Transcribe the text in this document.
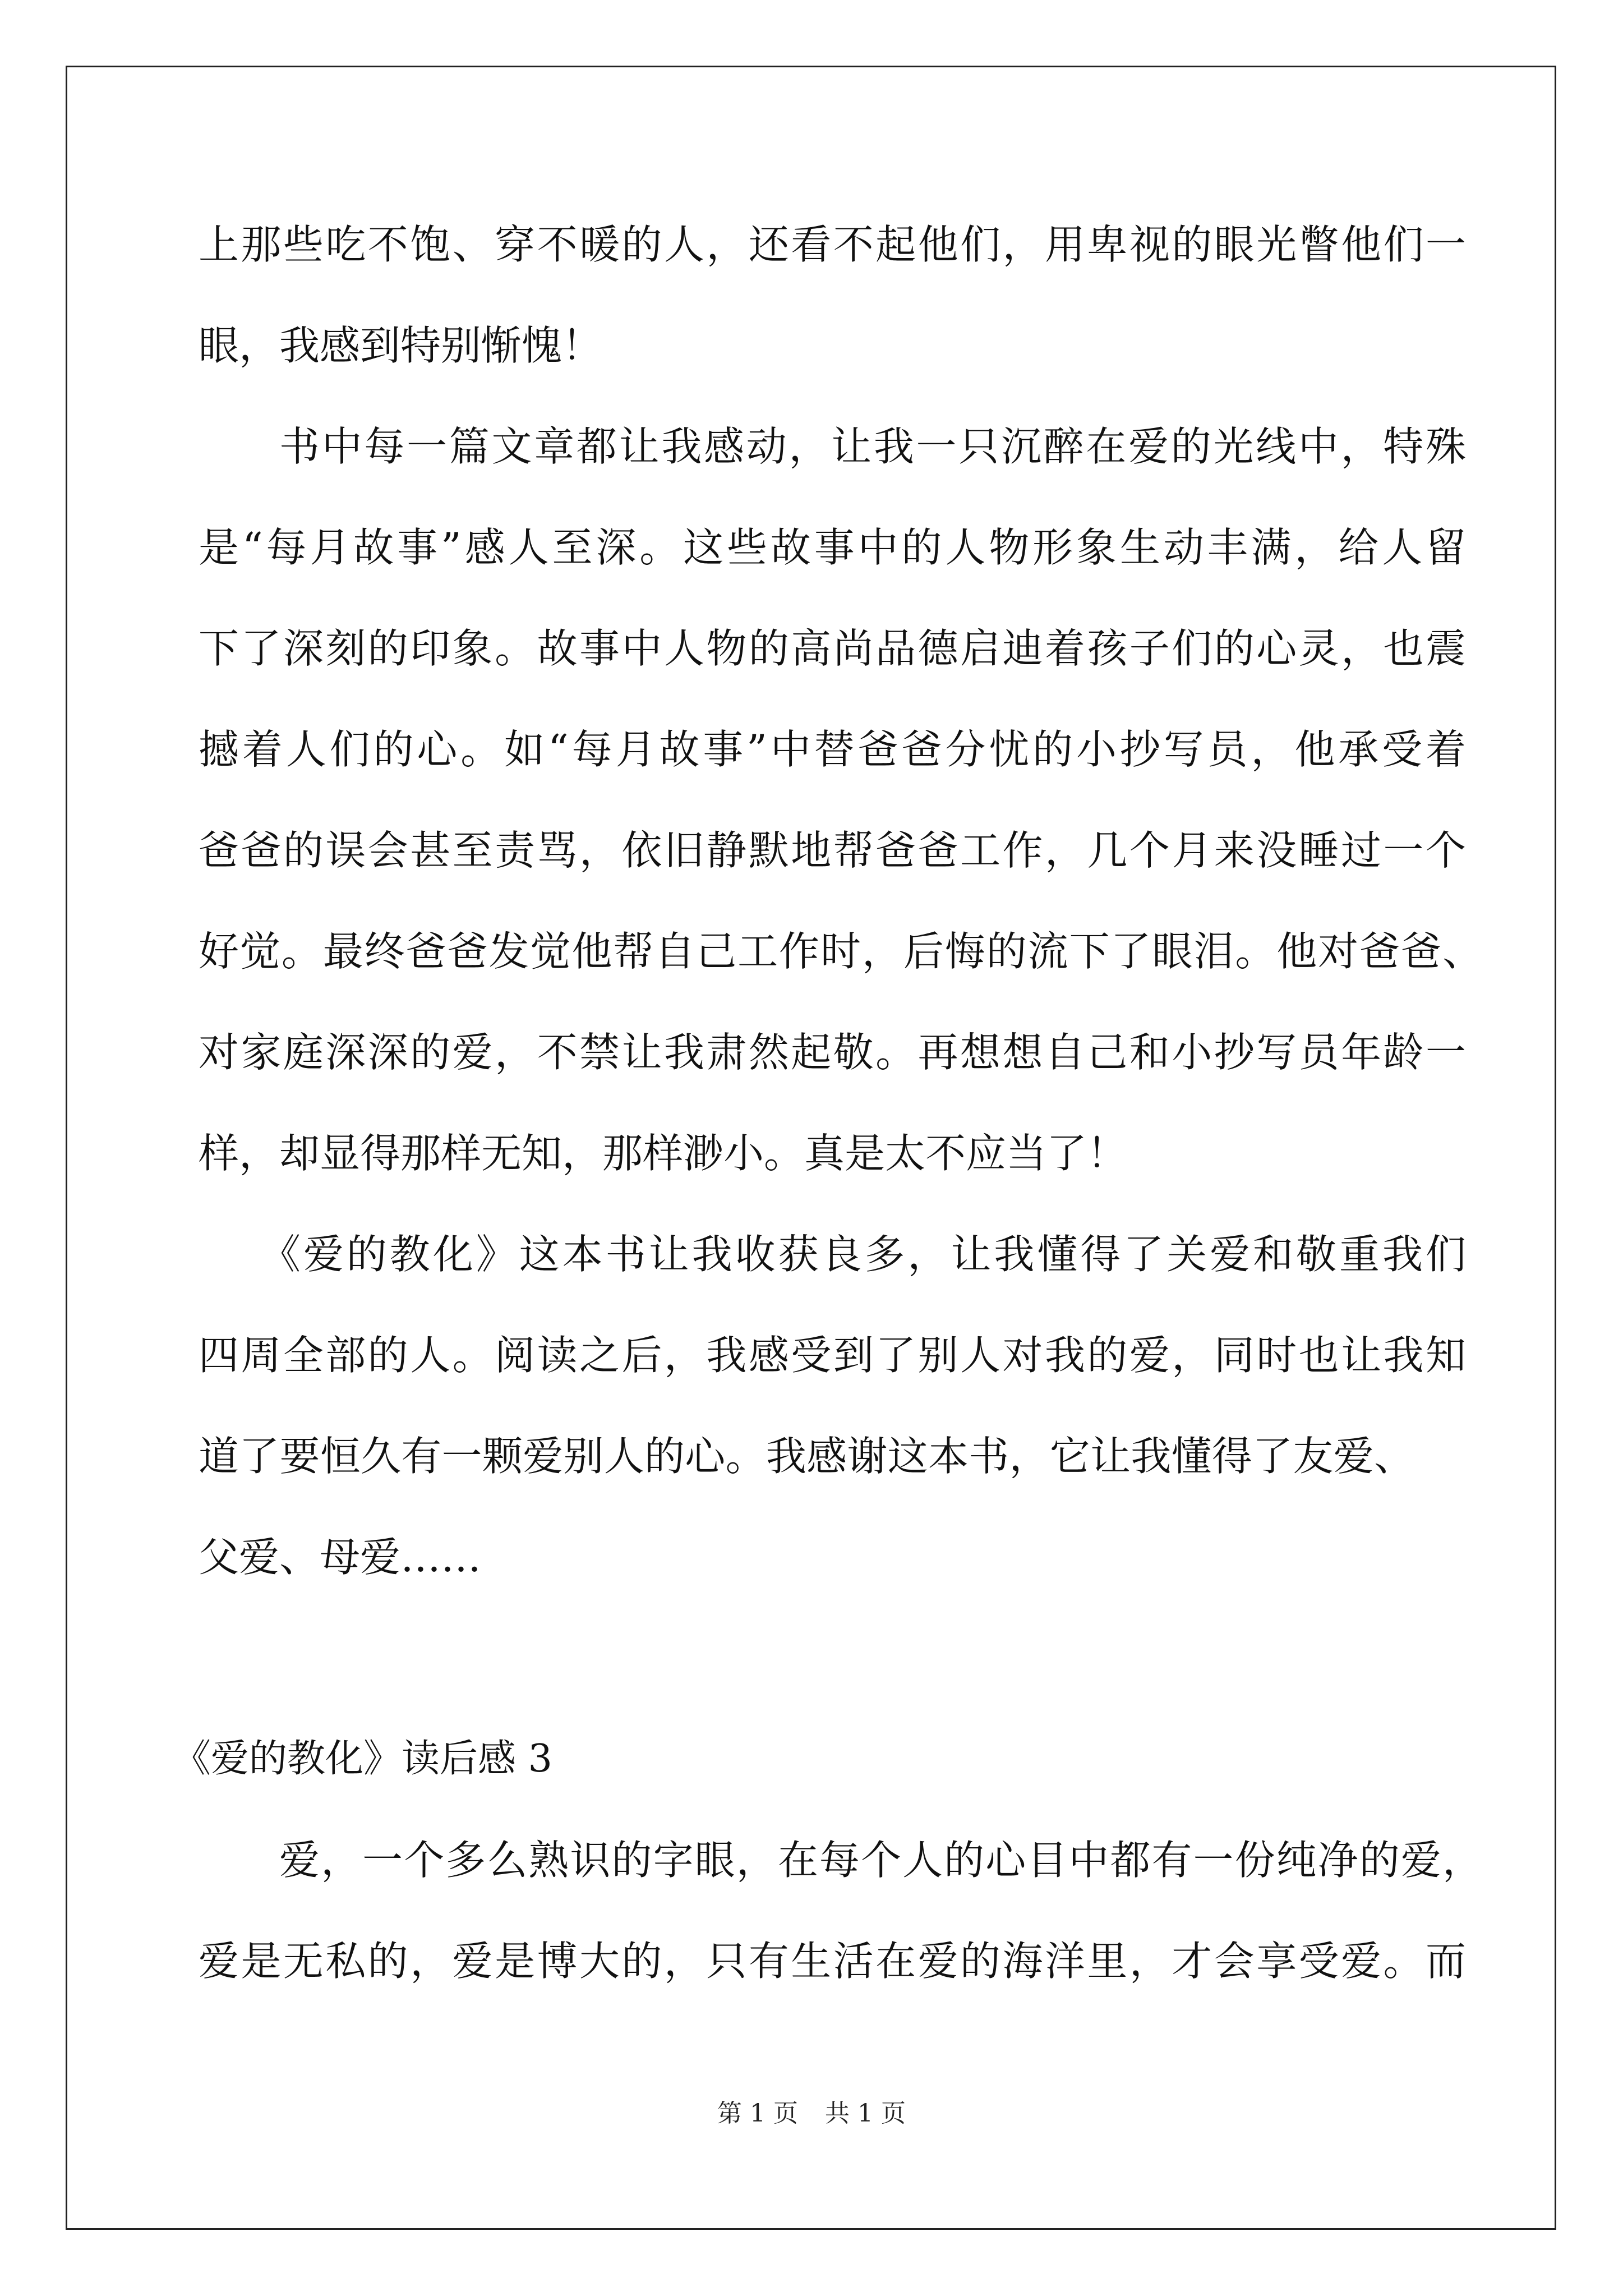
上那些吃不饱、穿不暖的人，还看不起他们，用卑视的眼光瞥他们一
眼，我感到特别惭愧！
书中每一篇文章都让我感动，让我一只沉醉在爱的光线中，特殊
是“每月故事”感人至深。这些故事中的人物形象生动丰满，给人留
下了深刻的印象。故事中人物的高尚品德启迪着孩子们的心灵，也震
撼着人们的心。如“每月故事”中替爸爸分忧的小抄写员，他承受着
爸爸的误会甚至责骂，依旧静默地帮爸爸工作，几个月来没睡过一个
好觉。最终爸爸发觉他帮自己工作时，后悔的流下了眼泪。他对爸爸、
对家庭深深的爱，不禁让我肃然起敬。再想想自己和小抄写员年龄一
样，却显得那样无知，那样渺小。真是太不应当了！
《爱的教化》这本书让我收获良多，让我懂得了关爱和敬重我们
四周全部的人。阅读之后，我感受到了别人对我的爱，同时也让我知
道了要恒久有一颗爱别人的心。我感谢这本书，它让我懂得了友爱、
父爱、母爱……
爱，一个多么熟识的字眼，在每个人的心目中都有一份纯净的爱，
爱是无私的，爱是博大的，只有生活在爱的海洋里，才会享受爱。而
《爱的教化》读后感 3
第 1 页 共 1 页
